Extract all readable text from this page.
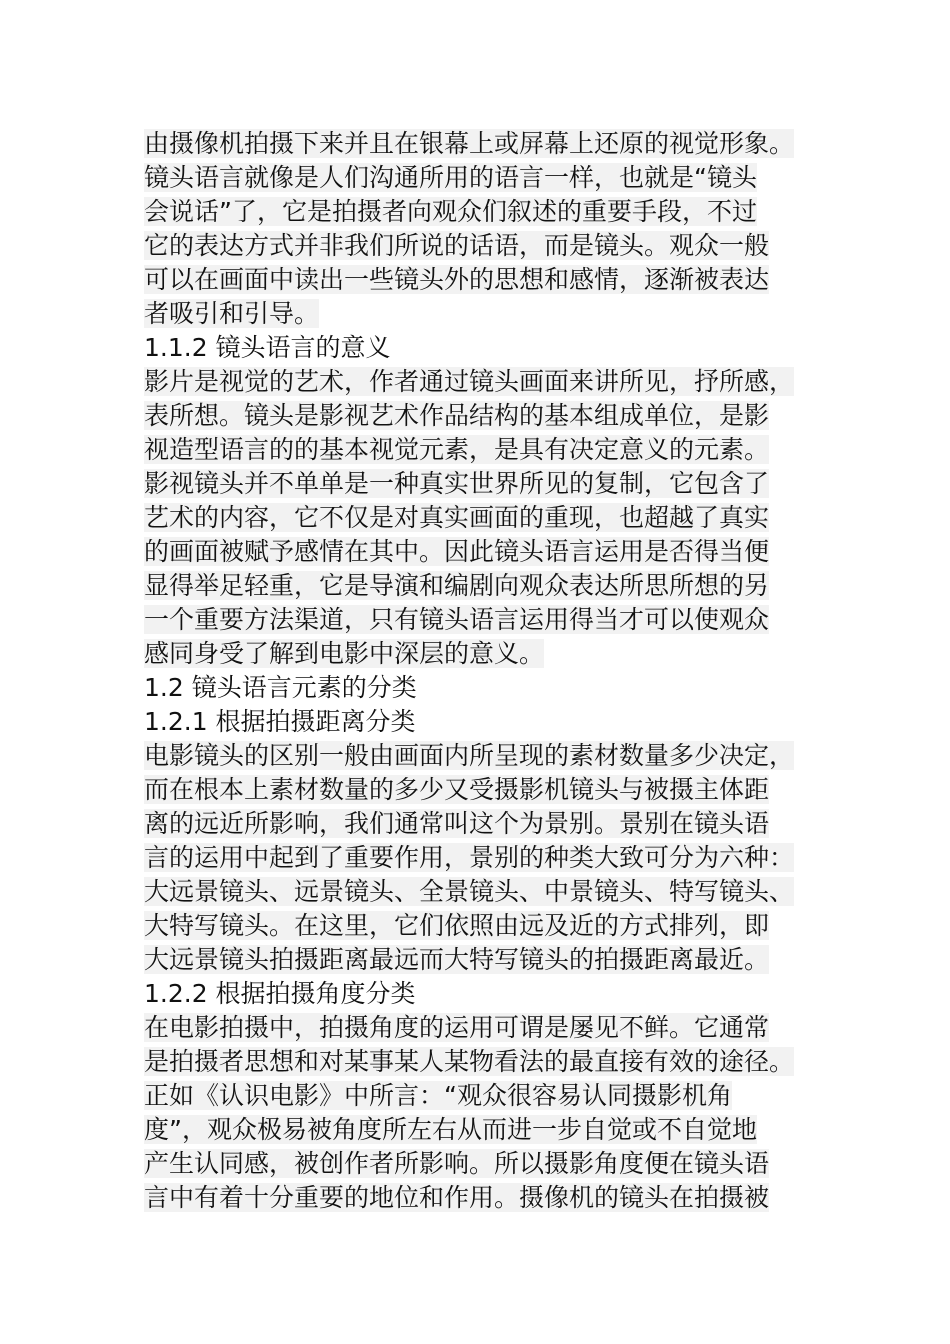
由摄像机拍摄下来并且在银幕上或屏幕上还原的视觉形象。
镜头语言就像是人们沟通所用的语言一样，也就是“镜头
会说话”了，它是拍摄者向观众们叙述的重要手段，不过
它的表达方式并非我们所说的话语，而是镜头。观众一般
可以在画面中读出一些镜头外的思想和感情，逐渐被表达
者吸引和引导。
1.1.2 镜头语言的意义
影片是视觉的艺术，作者通过镜头画面来讲所见，抒所感，
表所想。镜头是影视艺术作品结构的基本组成单位，是影
视造型语言的的基本视觉元素，是具有决定意义的元素。
影视镜头并不单单是一种真实世界所见的复制，它包含了
艺术的内容，它不仅是对真实画面的重现，也超越了真实
的画面被赋予感情在其中。因此镜头语言运用是否得当便
显得举足轻重，它是导演和编剧向观众表达所思所想的另
一个重要方法渠道，只有镜头语言运用得当才可以使观众
感同身受了解到电影中深层的意义。
1.2 镜头语言元素的分类
1.2.1 根据拍摄距离分类
电影镜头的区别一般由画面内所呈现的素材数量多少决定，
而在根本上素材数量的多少又受摄影机镜头与被摄主体距
离的远近所影响，我们通常叫这个为景别。景别在镜头语
言的运用中起到了重要作用，景别的种类大致可分为六种：
大远景镜头、远景镜头、全景镜头、中景镜头、特写镜头、
大特写镜头。在这里，它们依照由远及近的方式排列，即
大远景镜头拍摄距离最远而大特写镜头的拍摄距离最近。
1.2.2 根据拍摄角度分类
在电影拍摄中，拍摄角度的运用可谓是屡见不鲜。它通常
是拍摄者思想和对某事某人某物看法的最直接有效的途径。
正如《认识电影》中所言：“观众很容易认同摄影机角
度”，观众极易被角度所左右从而进一步自觉或不自觉地
产生认同感，被创作者所影响。所以摄影角度便在镜头语
言中有着十分重要的地位和作用。摄像机的镜头在拍摄被
